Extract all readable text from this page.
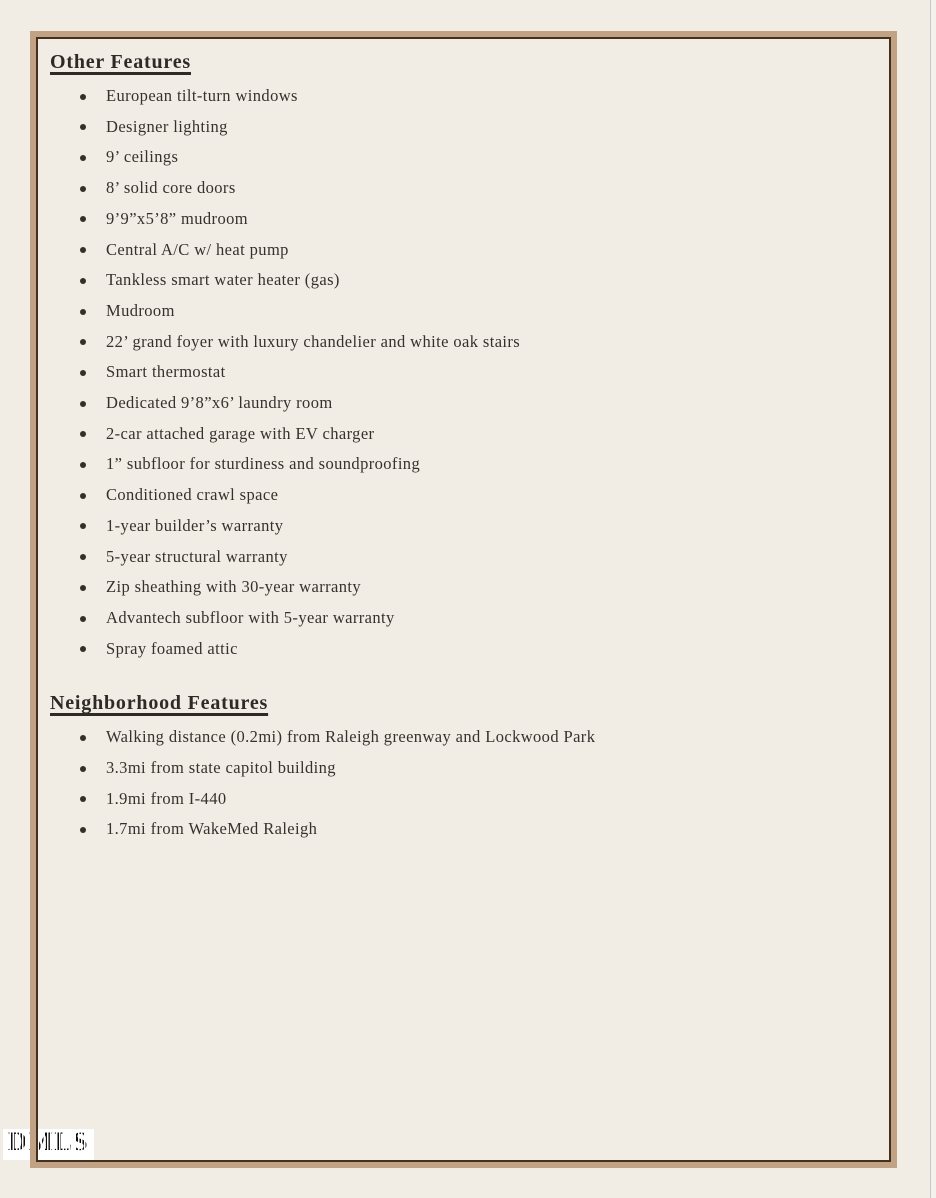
DMLS
Other Features
European tilt-turn windows
Designer lighting
9’ ceilings
8’ solid core doors
9’9”x5’8” mudroom
Central A/C w/ heat pump
Tankless smart water heater (gas)
Mudroom
22’ grand foyer with luxury chandelier and white oak stairs
Smart thermostat
Dedicated 9’8”x6’ laundry room
2-car attached garage with EV charger
1” subfloor for sturdiness and soundproofing
Conditioned crawl space
1-year builder’s warranty
5-year structural warranty
Zip sheathing with 30-year warranty
Advantech subfloor with 5-year warranty
Spray foamed attic
Neighborhood Features
Walking distance (0.2mi) from Raleigh greenway and Lockwood Park
3.3mi from state capitol building
1.9mi from I-440
1.7mi from WakeMed Raleigh
